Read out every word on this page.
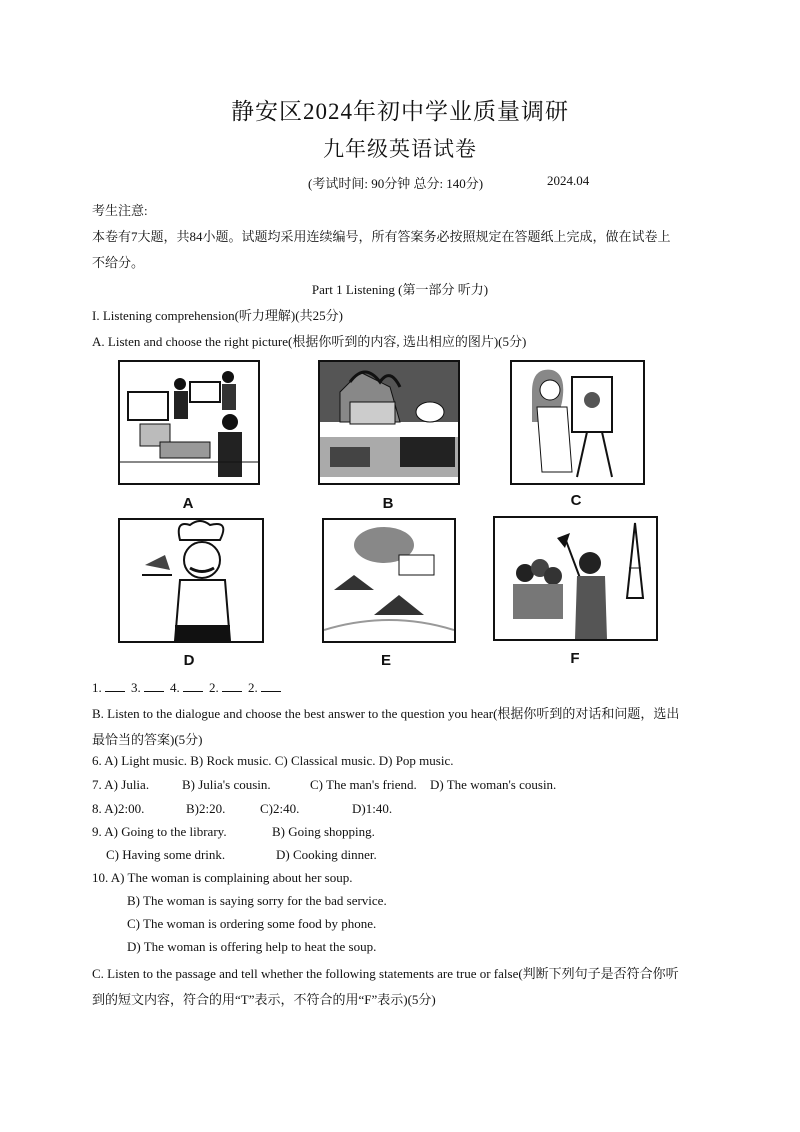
静安区2024年初中学业质量调研
九年级英语试卷
(考试时间: 90分钟 总分: 140分)	2024.04
考生注意:
本卷有7大题，共84小题。试题均采用连续编号，所有答案务必按照规定在答题纸上完成，做在试卷上
不给分。
Part 1 Listening (第一部分 听力)
I. Listening comprehension(听力理解)(共25分)
A. Listen and choose the right picture(根据你听到的内容, 选出相应的图片)(5分)
A	B	C
D	E	F
1. 3. 4. 2. 2.
B. Listen to the dialogue and choose the best answer to the question you hear(根据你听到的对话和问题，选出
最恰当的答案)(5分)
6. A) Light music. B) Rock music. C) Classical music. D) Pop music.
7. A) Julia.	B) Julia's cousin.	C) The man's friend. D) The woman's cousin.
8. A)2:00.	B)2:20.	C)2:40.	D)1:40.
9. A) Going to the library.	B) Going shopping.
C) Having some drink.	D) Cooking dinner.
10. A) The woman is complaining about her soup.
B) The woman is saying sorry for the bad service.
C) The woman is ordering some food by phone.
D) The woman is offering help to heat the soup.
C. Listen to the passage and tell whether the following statements are true or false(判断下列句子是否符合你听
到的短文内容，符合的用“T”表示，不符合的用“F”表示)(5分)
